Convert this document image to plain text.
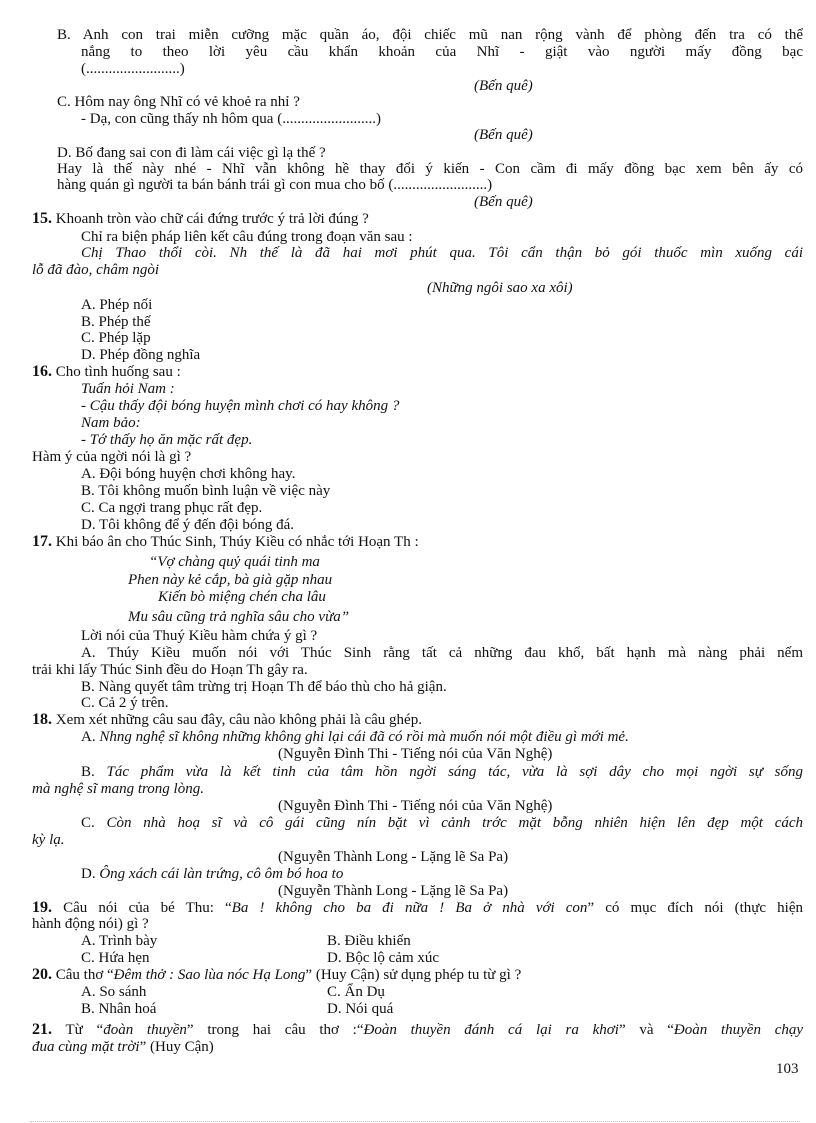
B. Anh con trai miễn cưỡng mặc quần áo, đội chiếc mũ nan rộng vành để phòng đến tra có thể
nắng to theo lời yêu cầu khẩn khoản của Nhĩ - giật vào người mấy đồng bạc
(.........................)
(Bến quê)
C. Hôm nay ông Nhĩ có vẻ khoẻ ra nhỉ ?
- Dạ, con cũng thấy nh hôm qua (.........................)
(Bến quê)
D. Bố đang sai con đi làm cái việc gì lạ thế ?
Hay là thế này nhé - Nhĩ vẫn không hề thay đổi ý kiến - Con cầm đi mấy đồng bạc xem bên ấy có
hàng quán gì người ta bán bánh trái gì con mua cho bố (.........................)
(Bến quê)
15. Khoanh tròn vào chữ cái đứng trước ý trả lời đúng ?
Chỉ ra biện pháp liên kết câu đúng trong đoạn văn sau :
Chị Thao thổi còi. Nh thế là đã hai mơi phút qua. Tôi cẩn thận bỏ gói thuốc mìn xuống cái
lỗ đã đào, châm ngòi
(Những ngôi sao xa xôi)
A. Phép nối
B. Phép thế
C. Phép lặp
D. Phép đồng nghĩa
16. Cho tình huống sau :
Tuấn hỏi Nam :
- Cậu thấy đội bóng huyện mình chơi có hay không ?
Nam bảo:
- Tớ thấy họ ăn mặc rất đẹp.
Hàm ý của ngời nói là gì ?
A. Đội bóng huyện chơi không hay.
B. Tôi không muốn bình luận về việc này
C. Ca ngợi trang phục rất đẹp.
D. Tôi không để ý đến đội bóng đá.
17. Khi báo ân cho Thúc Sinh, Thúy Kiều có nhắc tới Hoạn Th :
“Vợ chàng quỷ quái tinh ma
Phen này kẻ cắp, bà già gặp nhau
Kiến bò miệng chén cha lâu
Mu sâu cũng trả nghĩa sâu cho vừa”
Lời nói của Thuý Kiều hàm chứa ý gì ?
A. Thúy Kiều muốn nói với Thúc Sinh rằng tất cả những đau khổ, bất hạnh mà nàng phải nếm
trải khi lấy Thúc Sinh đều do Hoạn Th gây ra.
B. Nàng quyết tâm trừng trị Hoạn Th để báo thù cho hả giận.
C. Cả 2 ý trên.
18. Xem xét những câu sau đây, câu nào không phải là câu ghép.
A. Nhng nghệ sĩ không những không ghi lại cái đã có rồi mà muốn nói một điều gì mới mẻ.
(Nguyễn Đình Thi - Tiếng nói của Văn Nghệ)
B. Tác phẩm vừa là kết tinh của tâm hồn ngời sáng tác, vừa là sợi dây cho mọi ngời sự sống
mà nghệ sĩ mang trong lòng.
(Nguyễn Đình Thi - Tiếng nói của Văn Nghệ)
C. Còn nhà hoạ sĩ và cô gái cũng nín bặt vì cảnh trớc mặt bỗng nhiên hiện lên đẹp một cách
kỳ lạ.
(Nguyễn Thành Long - Lặng lẽ Sa Pa)
D. Ông xách cái làn trứng, cô ôm bó hoa to
(Nguyễn Thành Long - Lặng lẽ Sa Pa)
19. Câu nói của bé Thu: “Ba ! không cho ba đi nữa ! Ba ở nhà với con” có mục đích nói (thực hiện
hành động nói) gì ?
A. Trình bày	B. Điều khiển
C. Hứa hẹn	D. Bộc lộ cảm xúc
20. Câu thơ “Đêm thở : Sao lùa nóc Hạ Long” (Huy Cận) sử dụng phép tu từ gì ?
A. So sánh	C. Ẩn Dụ
B. Nhân hoá	D. Nói quá
21. Từ “đoàn thuyền” trong hai câu thơ :“Đoàn thuyền đánh cá lại ra khơi” và “Đoàn thuyền chạy
đua cùng mặt trời” (Huy Cận)
103
